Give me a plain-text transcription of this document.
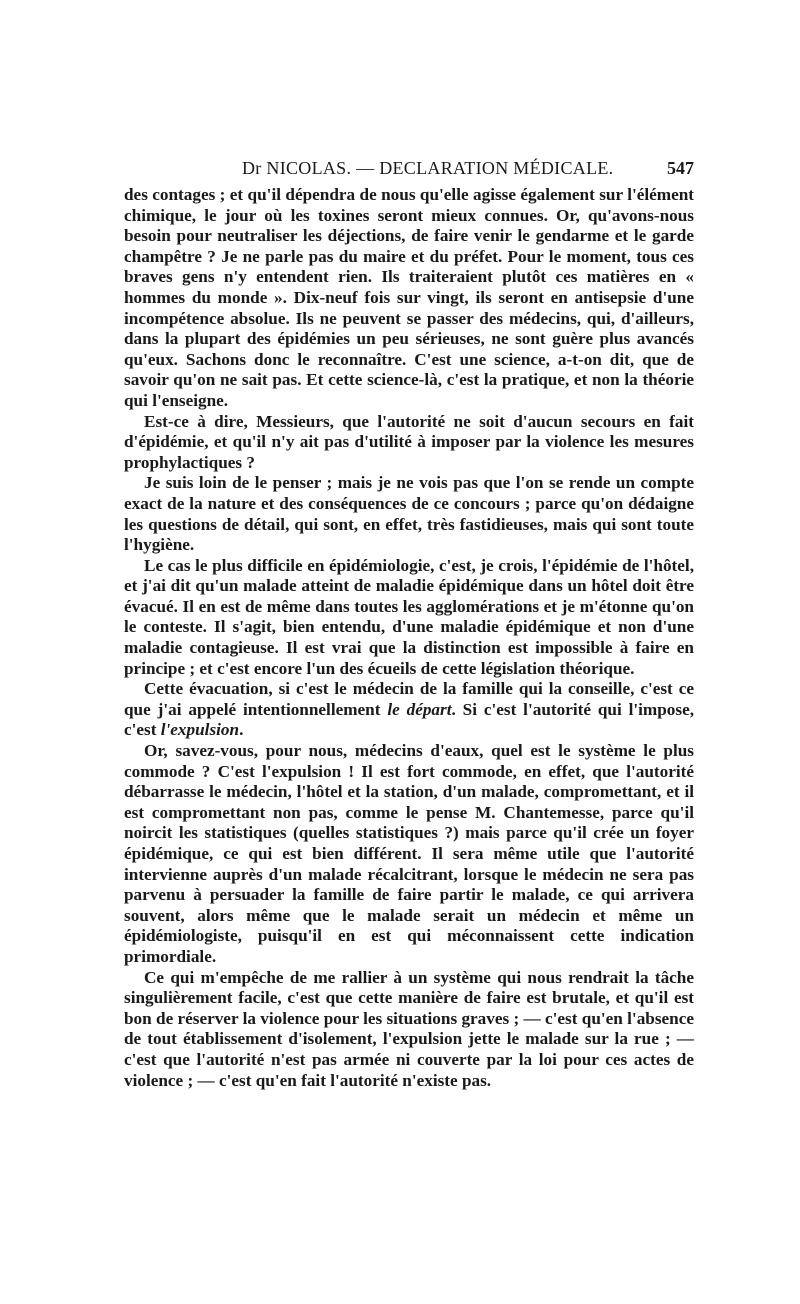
Dr NICOLAS. — DECLARATION MÉDICALE.	547

des contages ; et qu'il dépendra de nous qu'elle agisse également sur l'élément chimique, le jour où les toxines seront mieux connues. Or, qu'avons-nous besoin pour neutraliser les déjections, de faire venir le gendarme et le garde champêtre ? Je ne parle pas du maire et du préfet. Pour le moment, tous ces braves gens n'y entendent rien. Ils traiteraient plutôt ces matières en « hommes du monde ». Dix-neuf fois sur vingt, ils seront en antisepsie d'une incompétence absolue. Ils ne peuvent se passer des médecins, qui, d'ailleurs, dans la plupart des épidémies un peu sérieuses, ne sont guère plus avancés qu'eux. Sachons donc le reconnaître. C'est une science, a-t-on dit, que de savoir qu'on ne sait pas. Et cette science-là, c'est la pratique, et non la théorie qui l'enseigne.

Est-ce à dire, Messieurs, que l'autorité ne soit d'aucun secours en fait d'épidémie, et qu'il n'y ait pas d'utilité à imposer par la violence les mesures prophylactiques ?

Je suis loin de le penser ; mais je ne vois pas que l'on se rende un compte exact de la nature et des conséquences de ce concours ; parce qu'on dédaigne les questions de détail, qui sont, en effet, très fastidieuses, mais qui sont toute l'hygiène.

Le cas le plus difficile en épidémiologie, c'est, je crois, l'épidémie de l'hôtel, et j'ai dit qu'un malade atteint de maladie épidémique dans un hôtel doit être évacué. Il en est de même dans toutes les agglomérations et je m'étonne qu'on le conteste. Il s'agit, bien entendu, d'une maladie épidémique et non d'une maladie contagieuse. Il est vrai que la distinction est impossible à faire en principe ; et c'est encore l'un des écueils de cette législation théorique.

Cette évacuation, si c'est le médecin de la famille qui la conseille, c'est ce que j'ai appelé intentionnellement le départ. Si c'est l'autorité qui l'impose, c'est l'expulsion.

Or, savez-vous, pour nous, médecins d'eaux, quel est le système le plus commode ? C'est l'expulsion ! Il est fort commode, en effet, que l'autorité débarrasse le médecin, l'hôtel et la station, d'un malade, compromettant, et il est compromettant non pas, comme le pense M. Chantemesse, parce qu'il noircit les statistiques (quelles statistiques ?) mais parce qu'il crée un foyer épidémique, ce qui est bien différent. Il sera même utile que l'autorité intervienne auprès d'un malade récalcitrant, lorsque le médecin ne sera pas parvenu à persuader la famille de faire partir le malade, ce qui arrivera souvent, alors même que le malade serait un médecin et même un épidémiologiste, puisqu'il en est qui méconnaissent cette indication primordiale.

Ce qui m'empêche de me rallier à un système qui nous rendrait la tâche singulièrement facile, c'est que cette manière de faire est brutale, et qu'il est bon de réserver la violence pour les situations graves ; — c'est qu'en l'absence de tout établissement d'isolement, l'expulsion jette le malade sur la rue ; — c'est que l'autorité n'est pas armée ni couverte par la loi pour ces actes de violence ; — c'est qu'en fait l'autorité n'existe pas.
